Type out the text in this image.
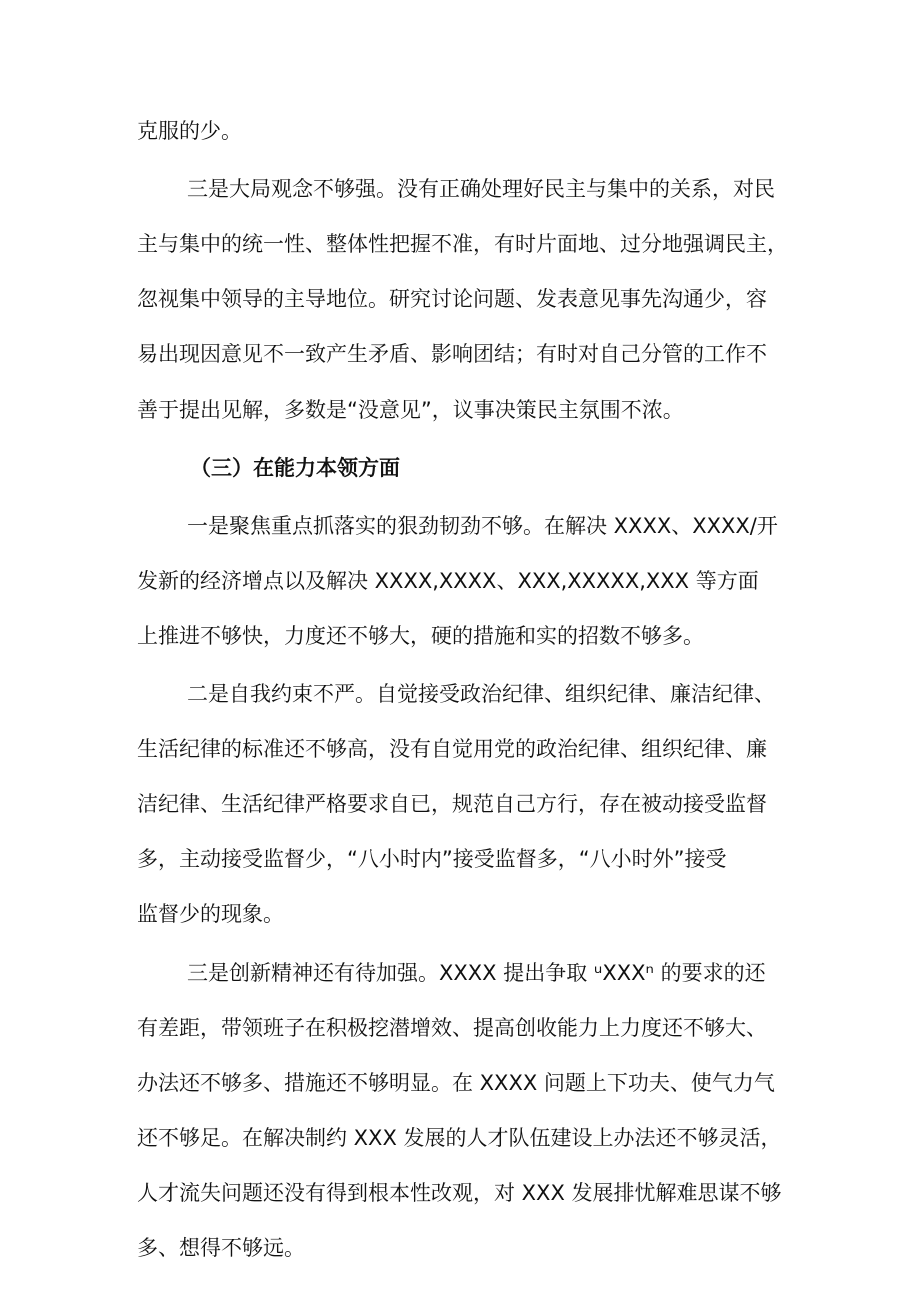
克服的少。
三是大局观念不够强。没有正确处理好民主与集中的关系，对民
主与集中的统一性、整体性把握不准，有时片面地、过分地强调民主，
忽视集中领导的主导地位。研究讨论问题、发表意见事先沟通少，容
易出现因意见不一致产生矛盾、影响团结；有时对自己分管的工作不
善于提出见解，多数是“没意见”，议事决策民主氛围不浓。
（三）在能力本领方面
一是聚焦重点抓落实的狠劲韧劲不够。在解决 XXXX、XXXX/开
发新的经济增点以及解决 XXXX,XXXX、XXX,XXXXX,XXX 等方面
上推进不够快，力度还不够大，硬的措施和实的招数不够多。
二是自我约束不严。自觉接受政治纪律、组织纪律、廉洁纪律、
生活纪律的标准还不够高，没有自觉用党的政治纪律、组织纪律、廉
洁纪律、生活纪律严格要求自已，规范自己方行，存在被动接受监督
多，主动接受监督少，“八小时内”接受监督多，“八小时外”接受
监督少的现象。
三是创新精神还有待加强。XXXX 提出争取 ᵘXXXⁿ 的要求的还
有差距，带领班子在积极挖潜增效、提高创收能力上力度还不够大、
办法还不够多、措施还不够明显。在 XXXX 问题上下功夫、使气力气
还不够足。在解决制约 XXX 发展的人才队伍建设上办法还不够灵活，
人才流失问题还没有得到根本性改观，对 XXX 发展排忧解难思谋不够
多、想得不够远。
